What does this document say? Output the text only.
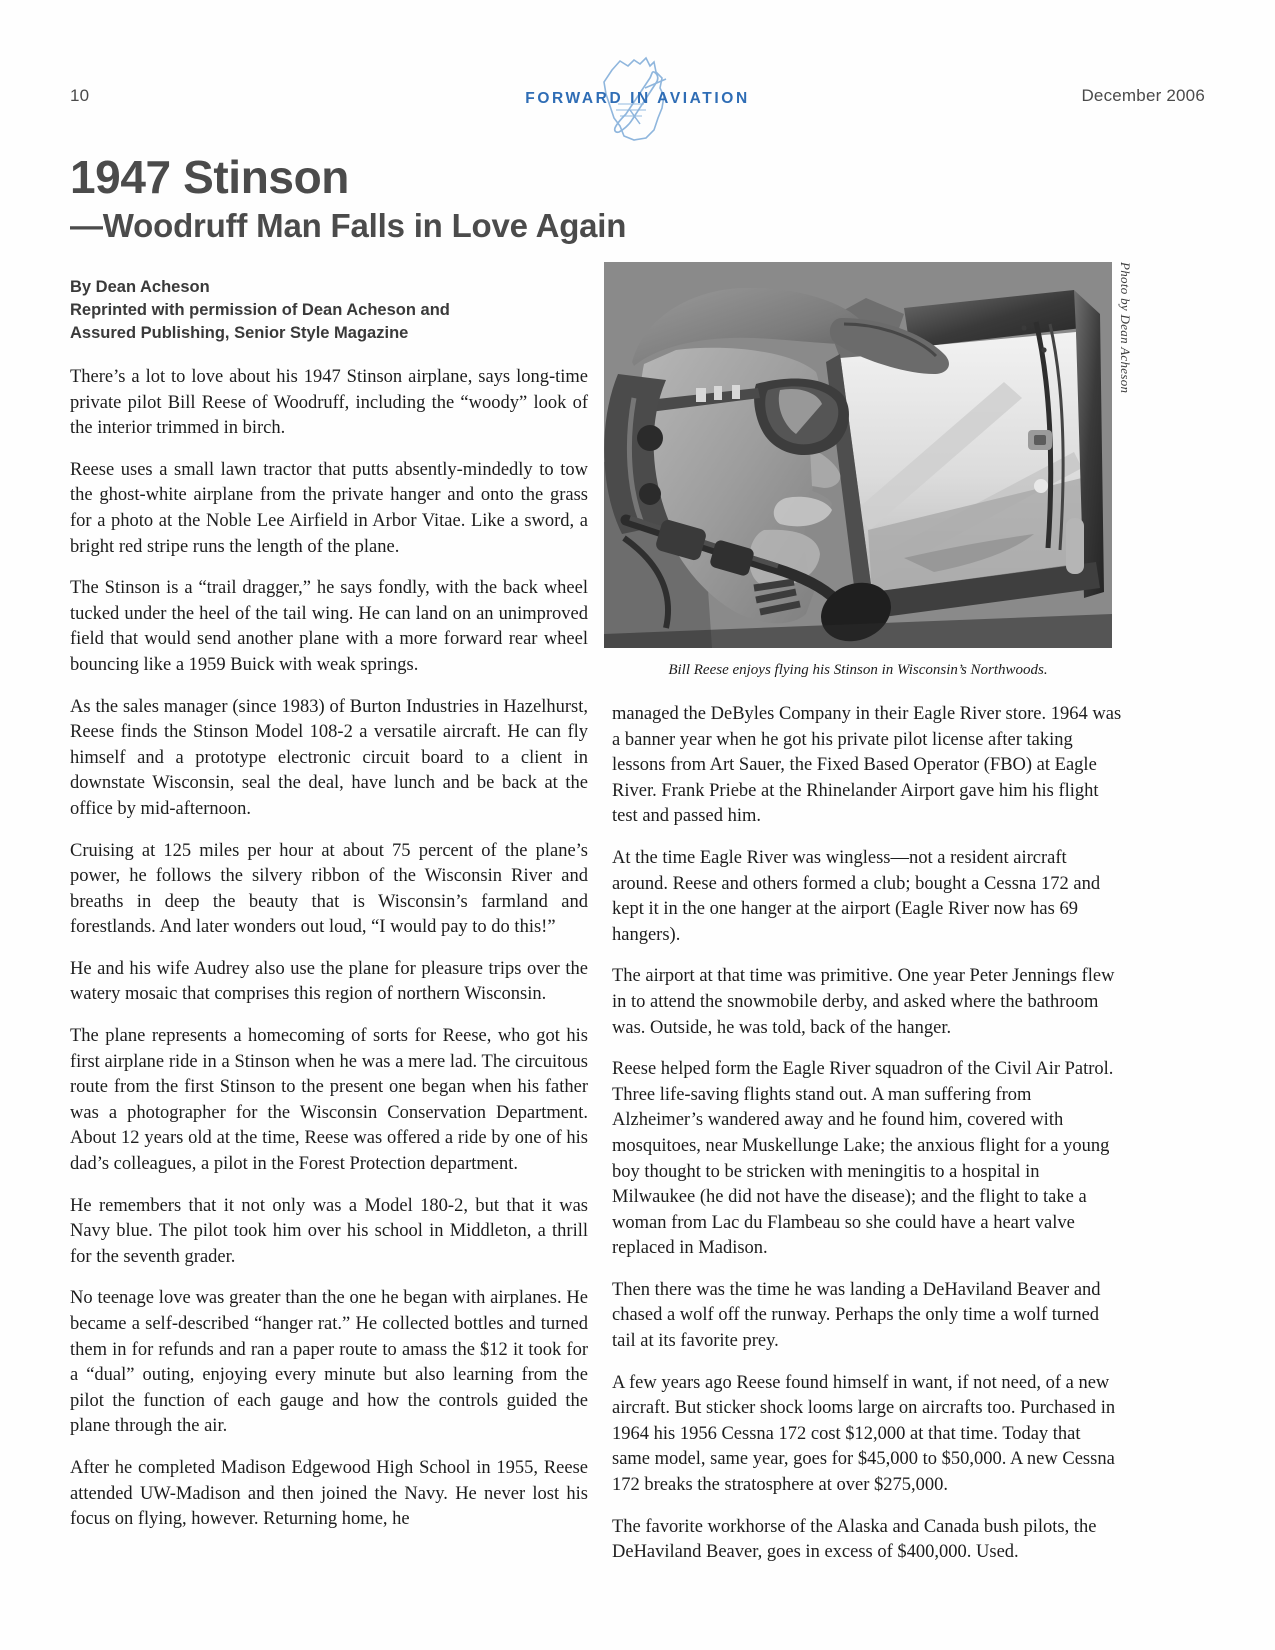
10	FORWARD IN AVIATION	December 2006
1947 Stinson
—Woodruff Man Falls in Love Again
Photo by Dean Acheson
Bill Reese enjoys flying his Stinson in Wisconsin’s Northwoods.
By Dean Acheson
Reprinted with permission of Dean Acheson and
Assured Publishing, Senior Style Magazine

There’s a lot to love about his 1947 Stinson airplane, says long-time private pilot Bill Reese of Woodruff, including the “woody” look of the interior trimmed in birch.

Reese uses a small lawn tractor that putts absently-mindedly to tow the ghost-white airplane from the private hanger and onto the grass for a photo at the Noble Lee Airfield in Arbor Vitae. Like a sword, a bright red stripe runs the length of the plane.

The Stinson is a “trail dragger,” he says fondly, with the back wheel tucked under the heel of the tail wing. He can land on an unimproved field that would send another plane with a more forward rear wheel bouncing like a 1959 Buick with weak springs.

As the sales manager (since 1983) of Burton Industries in Hazelhurst, Reese finds the Stinson Model 108-2 a versatile aircraft. He can fly himself and a prototype electronic circuit board to a client in downstate Wisconsin, seal the deal, have lunch and be back at the office by mid-afternoon.

Cruising at 125 miles per hour at about 75 percent of the plane’s power, he follows the silvery ribbon of the Wisconsin River and breaths in deep the beauty that is Wisconsin’s farmland and forestlands. And later wonders out loud, “I would pay to do this!”

He and his wife Audrey also use the plane for pleasure trips over the watery mosaic that comprises this region of northern Wisconsin.

The plane represents a homecoming of sorts for Reese, who got his first airplane ride in a Stinson when he was a mere lad. The circuitous route from the first Stinson to the present one began when his father was a photographer for the Wisconsin Conservation Department. About 12 years old at the time, Reese was offered a ride by one of his dad’s colleagues, a pilot in the Forest Protection department.

He remembers that it not only was a Model 180-2, but that it was Navy blue. The pilot took him over his school in Middleton, a thrill for the seventh grader.

No teenage love was greater than the one he began with airplanes. He became a self-described “hanger rat.” He collected bottles and turned them in for refunds and ran a paper route to amass the $12 it took for a “dual” outing, enjoying every minute but also learning from the pilot the function of each gauge and how the controls guided the plane through the air.

After he completed Madison Edgewood High School in 1955, Reese attended UW-Madison and then joined the Navy. He never lost his focus on flying, however. Returning home, he

managed the DeByles Company in their Eagle River store. 1964 was a banner year when he got his private pilot license after taking lessons from Art Sauer, the Fixed Based Operator (FBO) at Eagle River. Frank Priebe at the Rhinelander Airport gave him his flight test and passed him.

At the time Eagle River was wingless—not a resident aircraft around. Reese and others formed a club; bought a Cessna 172 and kept it in the one hanger at the airport (Eagle River now has 69 hangers).

The airport at that time was primitive. One year Peter Jennings flew in to attend the snowmobile derby, and asked where the bathroom was. Outside, he was told, back of the hanger.

Reese helped form the Eagle River squadron of the Civil Air Patrol. Three life-saving flights stand out. A man suffering from Alzheimer’s wandered away and he found him, covered with mosquitoes, near Muskellunge Lake; the anxious flight for a young boy thought to be stricken with meningitis to a hospital in Milwaukee (he did not have the disease); and the flight to take a woman from Lac du Flambeau so she could have a heart valve replaced in Madison.

Then there was the time he was landing a DeHaviland Beaver and chased a wolf off the runway. Perhaps the only time a wolf turned tail at its favorite prey.

A few years ago Reese found himself in want, if not need, of a new aircraft. But sticker shock looms large on aircrafts too. Purchased in 1964 his 1956 Cessna 172 cost $12,000 at that time. Today that same model, same year, goes for $45,000 to $50,000. A new Cessna 172 breaks the stratosphere at over $275,000.

The favorite workhorse of the Alaska and Canada bush pilots, the DeHaviland Beaver, goes in excess of $400,000. Used.
